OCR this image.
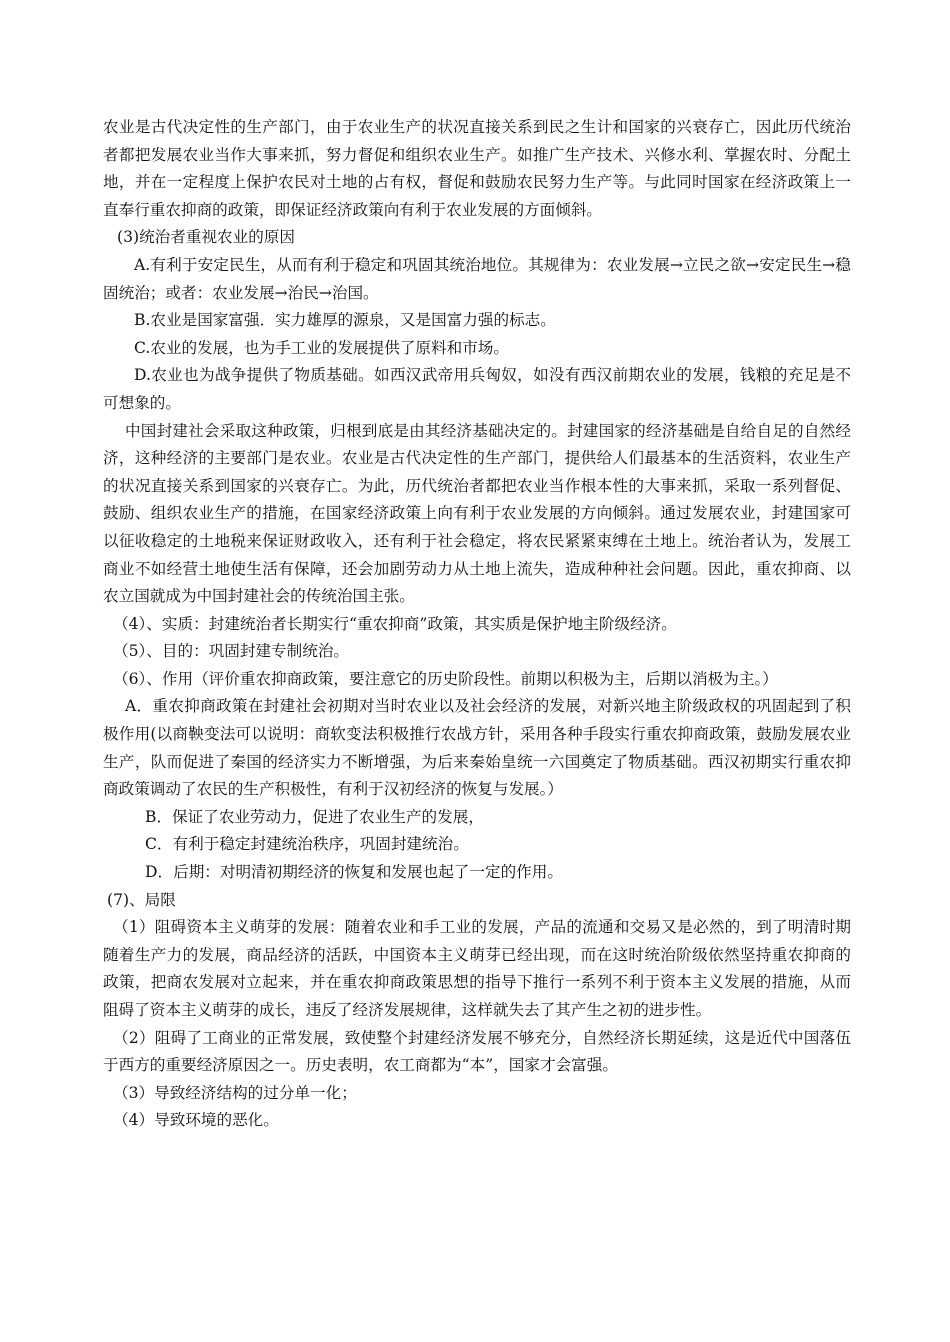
农业是古代决定性的生产部门，由于农业生产的状况直接关系到民之生计和国家的兴衰存亡，因此历代统治者都把发展农业当作大事来抓，努力督促和组织农业生产。如推广生产技术、兴修水利、掌握农时、分配土地，并在一定程度上保护农民对土地的占有权，督促和鼓励农民努力生产等。与此同时国家在经济政策上一直奉行重农抑商的政策，即保证经济政策向有利于农业发展的方面倾斜。

(3)统治者重视农业的原因

A.有利于安定民生，从而有利于稳定和巩固其统治地位。其规律为：农业发展→立民之欲→安定民生→稳固统治；或者：农业发展→治民→治国。

B.农业是国家富强．实力雄厚的源泉，又是国富力强的标志。

C.农业的发展，也为手工业的发展提供了原料和市场。

D.农业也为战争提供了物质基础。如西汉武帝用兵匈奴，如没有西汉前期农业的发展，钱粮的充足是不可想象的。

中国封建社会采取这种政策，归根到底是由其经济基础决定的。封建国家的经济基础是自给自足的自然经济，这种经济的主要部门是农业。农业是古代决定性的生产部门，提供给人们最基本的生活资料，农业生产的状况直接关系到国家的兴衰存亡。为此，历代统治者都把农业当作根本性的大事来抓，采取一系列督促、鼓励、组织农业生产的措施，在国家经济政策上向有利于农业发展的方向倾斜。通过发展农业，封建国家可以征收稳定的土地税来保证财政收入，还有利于社会稳定，将农民紧紧束缚在土地上。统治者认为，发展工商业不如经营土地使生活有保障，还会加剧劳动力从土地上流失，造成种种社会问题。因此，重农抑商、以农立国就成为中国封建社会的传统治国主张。

（4）、实质：封建统治者长期实行“重农抑商”政策，其实质是保护地主阶级经济。

（5）、目的：巩固封建专制统治。

（6）、作用（评价重农抑商政策，要注意它的历史阶段性。前期以积极为主，后期以消极为主。）

A．重农抑商政策在封建社会初期对当时农业以及社会经济的发展，对新兴地主阶级政权的巩固起到了积极作用(以商鞅变法可以说明：商软变法积极推行农战方针，采用各种手段实行重农抑商政策，鼓励发展农业生产，队而促进了秦国的经济实力不断增强，为后来秦始皇统一六国奠定了物质基础。西汉初期实行重农抑商政策调动了农民的生产积极性，有利于汉初经济的恢复与发展。）

B．保证了农业劳动力，促进了农业生产的发展，

C．有利于稳定封建统治秩序，巩固封建统治。

D．后期：对明清初期经济的恢复和发展也起了一定的作用。

(7)、局限

（1）阻碍资本主义萌芽的发展：随着农业和手工业的发展，产品的流通和交易又是必然的，到了明清时期随着生产力的发展，商品经济的活跃，中国资本主义萌芽已经出现，而在这时统治阶级依然坚持重农抑商的政策，把商农发展对立起来，并在重农抑商政策思想的指导下推行一系列不利于资本主义发展的措施，从而阻碍了资本主义萌芽的成长，违反了经济发展规律，这样就失去了其产生之初的进步性。

（2）阻碍了工商业的正常发展，致使整个封建经济发展不够充分，自然经济长期延续，这是近代中国落伍于西方的重要经济原因之一。历史表明，农工商都为“本”，国家才会富强。

（3）导致经济结构的过分单一化；

（4）导致环境的恶化。
